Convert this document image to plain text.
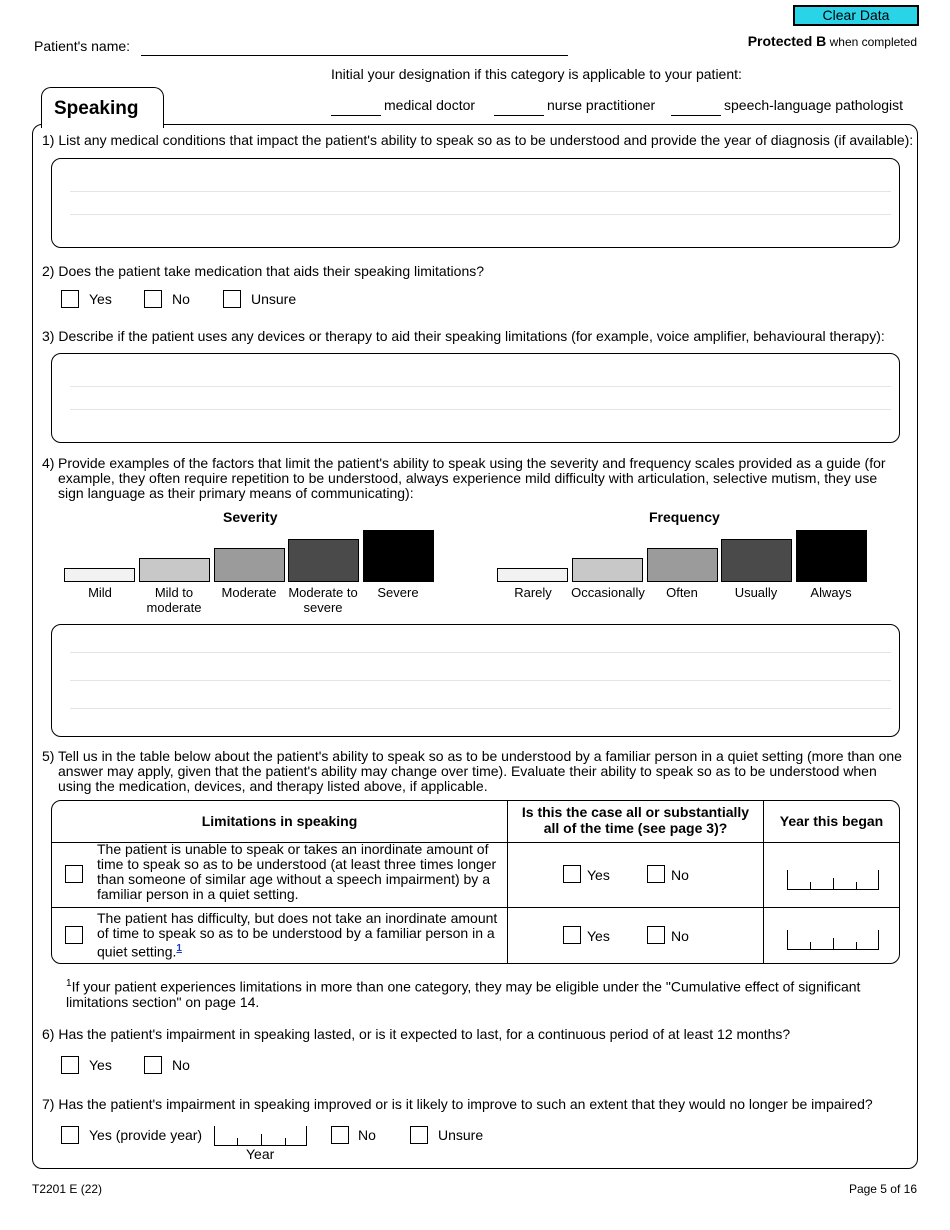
Clear Data
Patient's name:	Protected B when completed
Initial your designation if this category is applicable to your patient:
medical doctor	nurse practitioner	speech-language pathologist
Speaking
1) List any medical conditions that impact the patient's ability to speak so as to be understood and provide the year of diagnosis (if available):
2) Does the patient take medication that aids their speaking limitations?
Yes	No	Unsure
3) Describe if the patient uses any devices or therapy to aid their speaking limitations (for example, voice amplifier, behavioural therapy):
4) Provide examples of the factors that limit the patient's ability to speak using the severity and frequency scales provided as a guide (for example, they often require repetition to be understood, always experience mild difficulty with articulation, selective mutism, they use sign language as their primary means of communicating):
Severity	Frequency
Mild	Mild to moderate
Moderate Moderate to severe
Severe	Rarely	Occasionally	Often	Usually	Always
5) Tell us in the table below about the patient's ability to speak so as to be understood by a familiar person in a quiet setting (more than one answer may apply, given that the patient's ability may change over time). Evaluate their ability to speak so as to be understood when using the medication, devices, and therapy listed above, if applicable.
Limitations in speaking
Is this the case all or substantially all of the time (see page 3)?	Year this began
The patient is unable to speak or takes an inordinate amount of time to speak so as to be understood (at least three times longer than someone of similar age without a speech impairment) by a familiar person in a quiet setting.
Yes	No
The patient has difficulty, but does not take an inordinate amount of time to speak so as to be understood by a familiar person in a quiet setting.$^1$
Yes	No
$^1$If your patient experiences limitations in more than one category, they may be eligible under the "Cumulative effect of significant limitations section" on page 14.
6) Has the patient's impairment in speaking lasted, or is it expected to last, for a continuous period of at least 12 months?
Yes	No
7) Has the patient's impairment in speaking improved or is it likely to improve to such an extent that they would no longer be impaired?
Yes (provide year)
Year
No	Unsure
T2201 E (22)	Page 5 of 16
